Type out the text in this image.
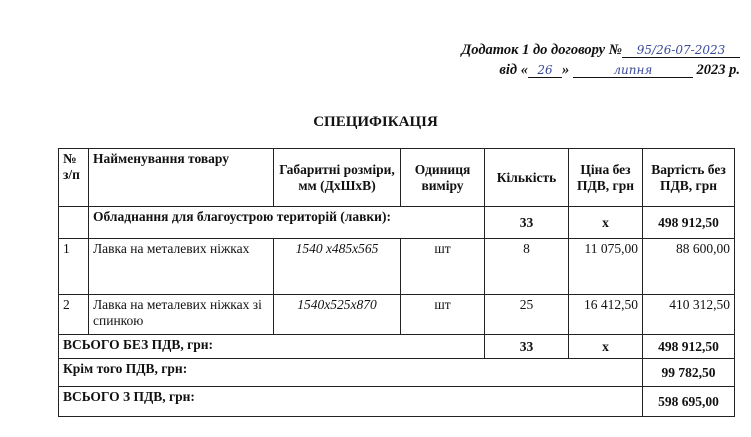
Додаток 1 до договору № 95/26-07-2023
від « 26 »	липня	2023 р.
СПЕЦИФІКАЦІЯ
№ з/п	Найменування товару	Габаритні розміри, мм (ДхШхВ)	Одиниця виміру	Кількість	Ціна без ПДВ, грн	Вартість без ПДВ, грн
	Обладнання для благоустрою територій (лавки):			33	х	498 912,50
1	Лавка на металевих ніжках	1540 х485х565	шт	8	11 075,00	88 600,00
2	Лавка на металевих ніжках зі спинкою	1540х525х870	шт	25	16 412,50	410 312,50
ВСЬОГО БЕЗ ПДВ, грн:				33	х	498 912,50
Крім того ПДВ, грн:						99 782,50
ВСЬОГО З ПДВ, грн:						598 695,00
